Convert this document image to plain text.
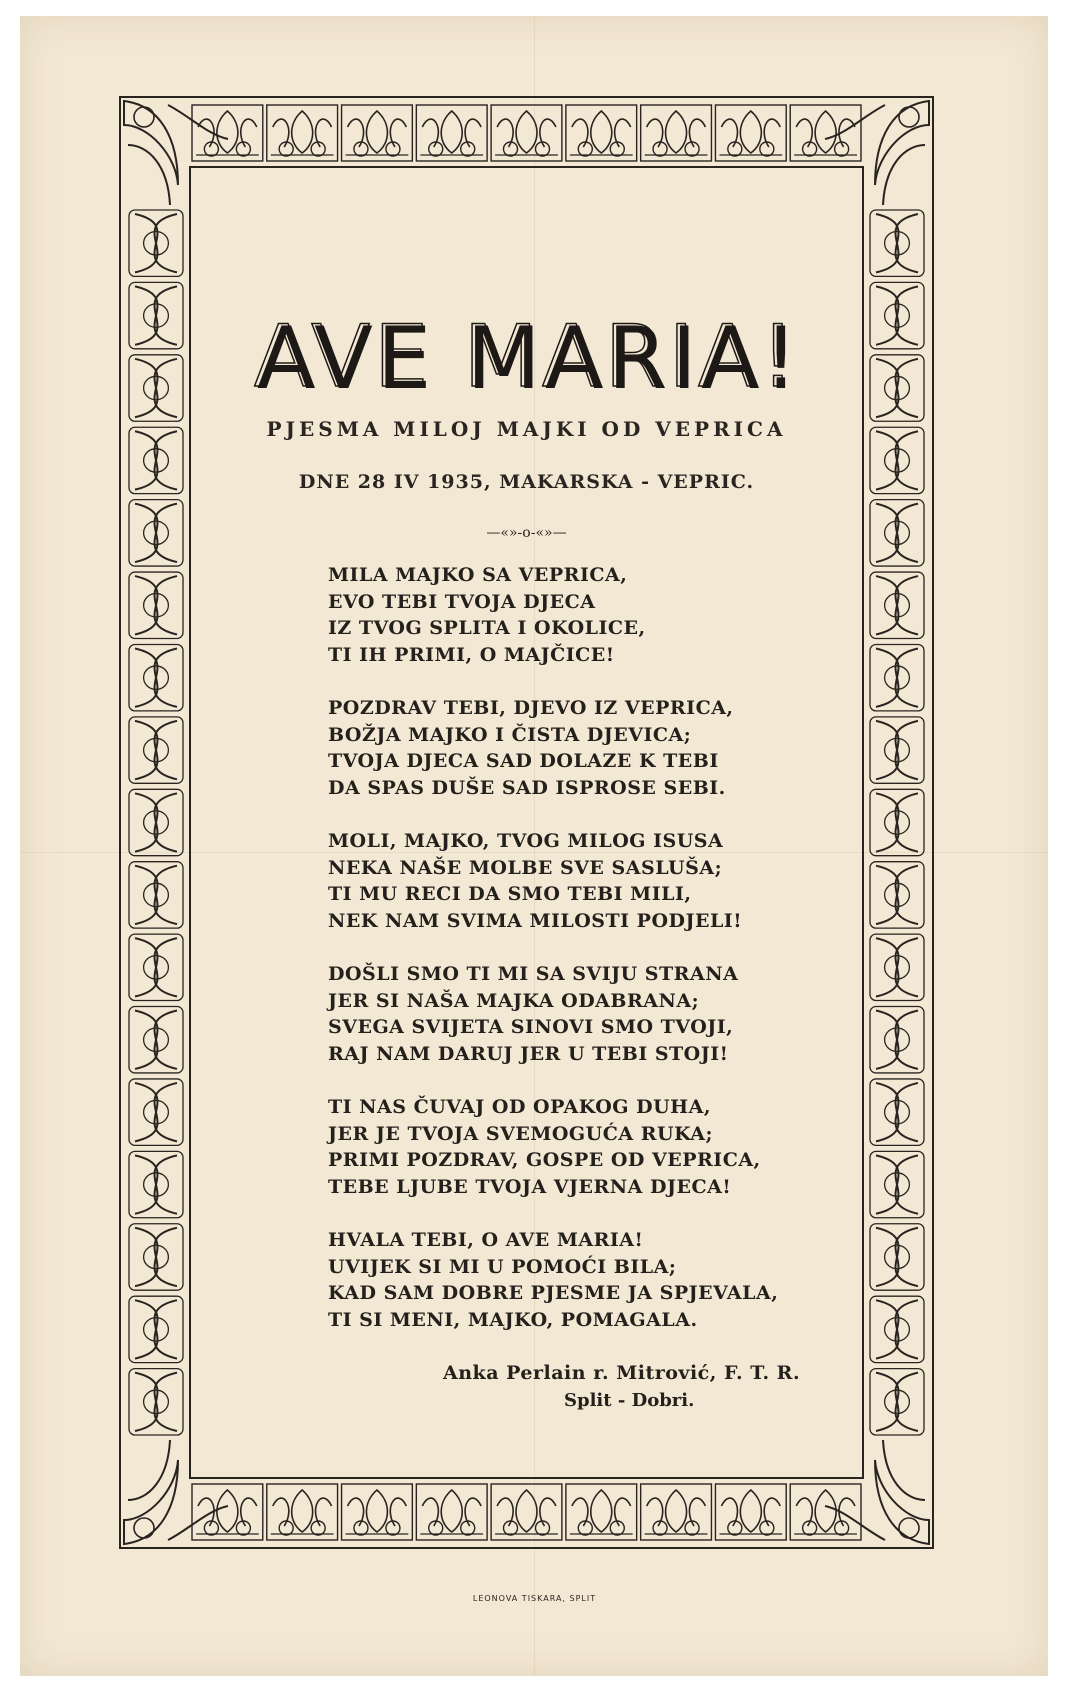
AVE MARIA!
PJESMA MILOJ MAJKI OD VEPRICA
DNE 28 IV 1935, MAKARSKA - VEPRIC.
—«»-o-«»—
MILA MAJKO SA VEPRICA,
EVO TEBI TVOJA DJECA
IZ TVOG SPLITA I OKOLICE,
TI IH PRIMI, O MAJČICE!
POZDRAV TEBI, DJEVO IZ VEPRICA,
BOŽJA MAJKO I ČISTA DJEVICA;
TVOJA DJECA SAD DOLAZE K TEBI
DA SPAS DUŠE SAD ISPROSE SEBI.
MOLI, MAJKO, TVOG MILOG ISUSA
NEKA NAŠE MOLBE SVE SASLUŠA;
TI MU RECI DA SMO TEBI MILI,
NEK NAM SVIMA MILOSTI PODJELI!
DOŠLI SMO TI MI SA SVIJU STRANA
JER SI NAŠA MAJKA ODABRANA;
SVEGA SVIJETA SINOVI SMO TVOJI,
RAJ NAM DARUJ JER U TEBI STOJI!
TI NAS ČUVAJ OD OPAKOG DUHA,
JER JE TVOJA SVEMOGUĆA RUKA;
PRIMI POZDRAV, GOSPE OD VEPRICA,
TEBE LJUBE TVOJA VJERNA DJECA!
HVALA TEBI, O AVE MARIA!
UVIJEK SI MI U POMOĆI BILA;
KAD SAM DOBRE PJESME JA SPJEVALA,
TI SI MENI, MAJKO, POMAGALA.
Anka Perlain r. Mitrović, F. T. R.
Split - Dobri.
LEONOVA TISKARA, SPLIT
